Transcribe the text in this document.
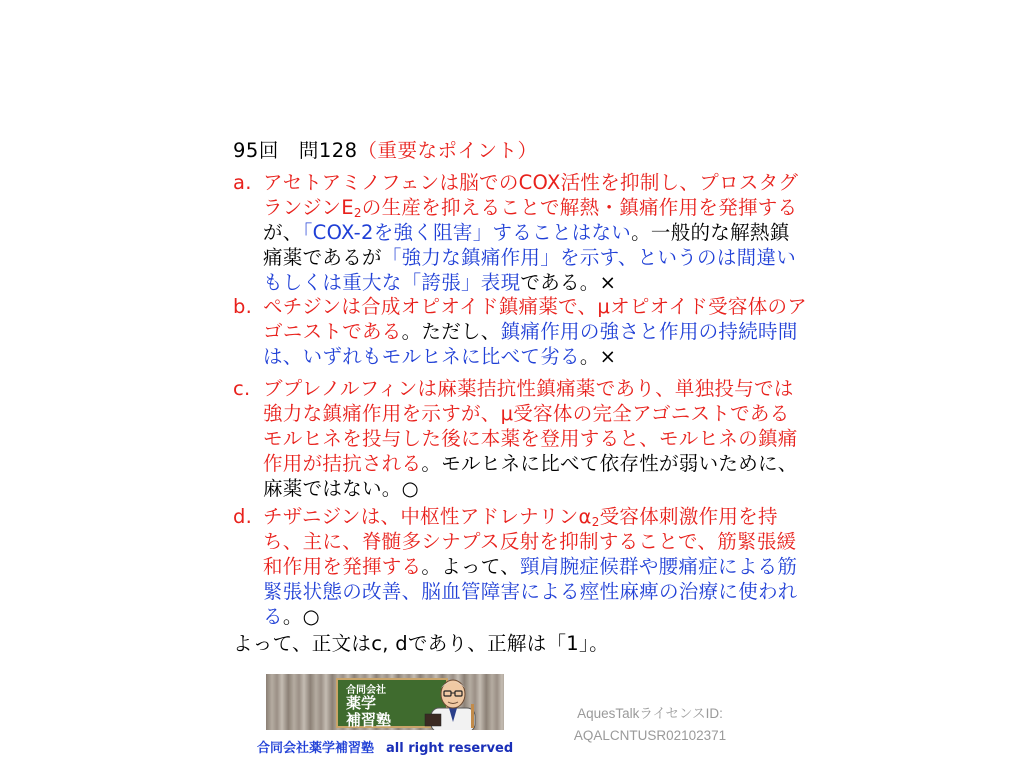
95回　問128（重要なポイント）
a. アセトアミノフェンは脳でのCOX活性を抑制し、プロスタグランジン$E_2$の生産を抑えることで解熱・鎮痛作用を発揮するが、「COX-2を強く阻害」することはない。一般的な解熱鎮痛薬であるが「強力な鎮痛作用」を示す、というのは間違いもしくは重大な「誇張」表現である。×
b. ペチジンは合成オピオイド鎮痛薬で、μオピオイド受容体のアゴニストである。ただし、鎮痛作用の強さと作用の持続時間は、いずれもモルヒネに比べて劣る。×
c. ブプレノルフィンは麻薬拮抗性鎮痛薬であり、単独投与では強力な鎮痛作用を示すが、μ受容体の完全アゴニストであるモルヒネを投与した後に本薬を登用すると、モルヒネの鎮痛作用が拮抗される。モルヒネに比べて依存性が弱いために、麻薬ではない。○
d. チザニジンは、中枢性アドレナリン$\alpha_2$受容体刺激作用を持ち、主に、脊髄多シナプス反射を抑制することで、筋緊張緩和作用を発揮する。よって、頸肩腕症候群や腰痛症による筋緊張状態の改善、脳血管障害による痙性麻痺の治療に使われる。○
よって、正文はc, dであり、正解は「1」。
合同会社
薬学
補習塾
合同会社薬学補習塾 all right reserved
AquesTalkライセンスID:
AQALCNTUSR02102371
